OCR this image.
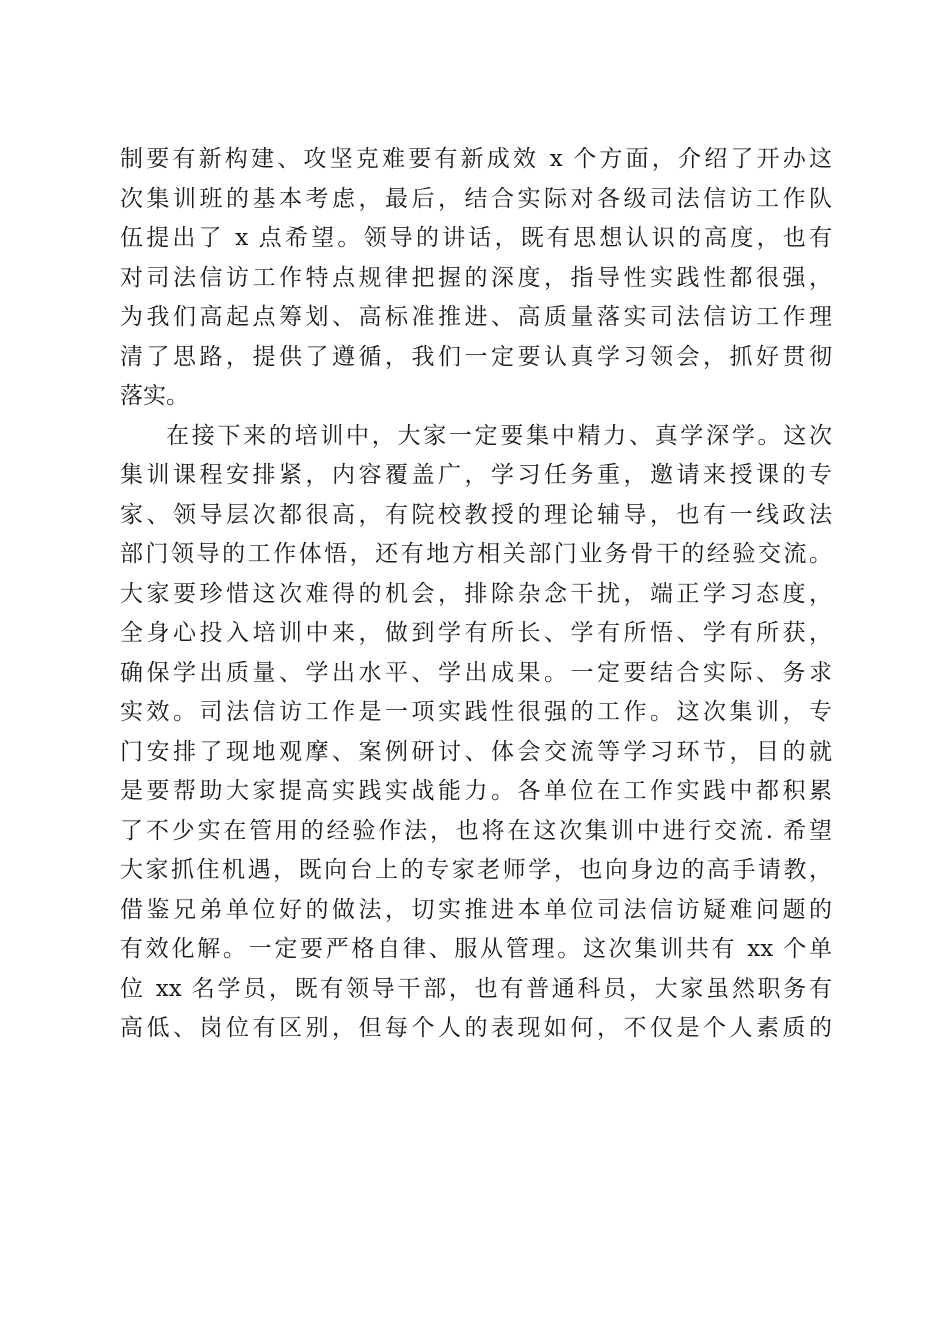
制要有新构建、攻坚克难要有新成效 x 个方面，介绍了开办这
次集训班的基本考虑，最后，结合实际对各级司法信访工作队
伍提出了 x 点希望。领导的讲话，既有思想认识的高度，也有
对司法信访工作特点规律把握的深度，指导性实践性都很强，
为我们高起点筹划、高标准推进、高质量落实司法信访工作理
清了思路，提供了遵循，我们一定要认真学习领会，抓好贯彻
落实。
在接下来的培训中，大家一定要集中精力、真学深学。这次
集训课程安排紧，内容覆盖广，学习任务重，邀请来授课的专
家、领导层次都很高，有院校教授的理论辅导，也有一线政法
部门领导的工作体悟，还有地方相关部门业务骨干的经验交流。
大家要珍惜这次难得的机会，排除杂念干扰，端正学习态度，
全身心投入培训中来，做到学有所长、学有所悟、学有所获，
确保学出质量、学出水平、学出成果。一定要结合实际、务求
实效。司法信访工作是一项实践性很强的工作。这次集训，专
门安排了现地观摩、案例研讨、体会交流等学习环节，目的就
是要帮助大家提高实践实战能力。各单位在工作实践中都积累
了不少实在管用的经验作法，也将在这次集训中进行交流. 希望
大家抓住机遇，既向台上的专家老师学，也向身边的高手请教，
借鉴兄弟单位好的做法，切实推进本单位司法信访疑难问题的
有效化解。一定要严格自律、服从管理。这次集训共有 xx 个单
位 xx 名学员，既有领导干部，也有普通科员，大家虽然职务有
高低、岗位有区别，但每个人的表现如何，不仅是个人素质的
